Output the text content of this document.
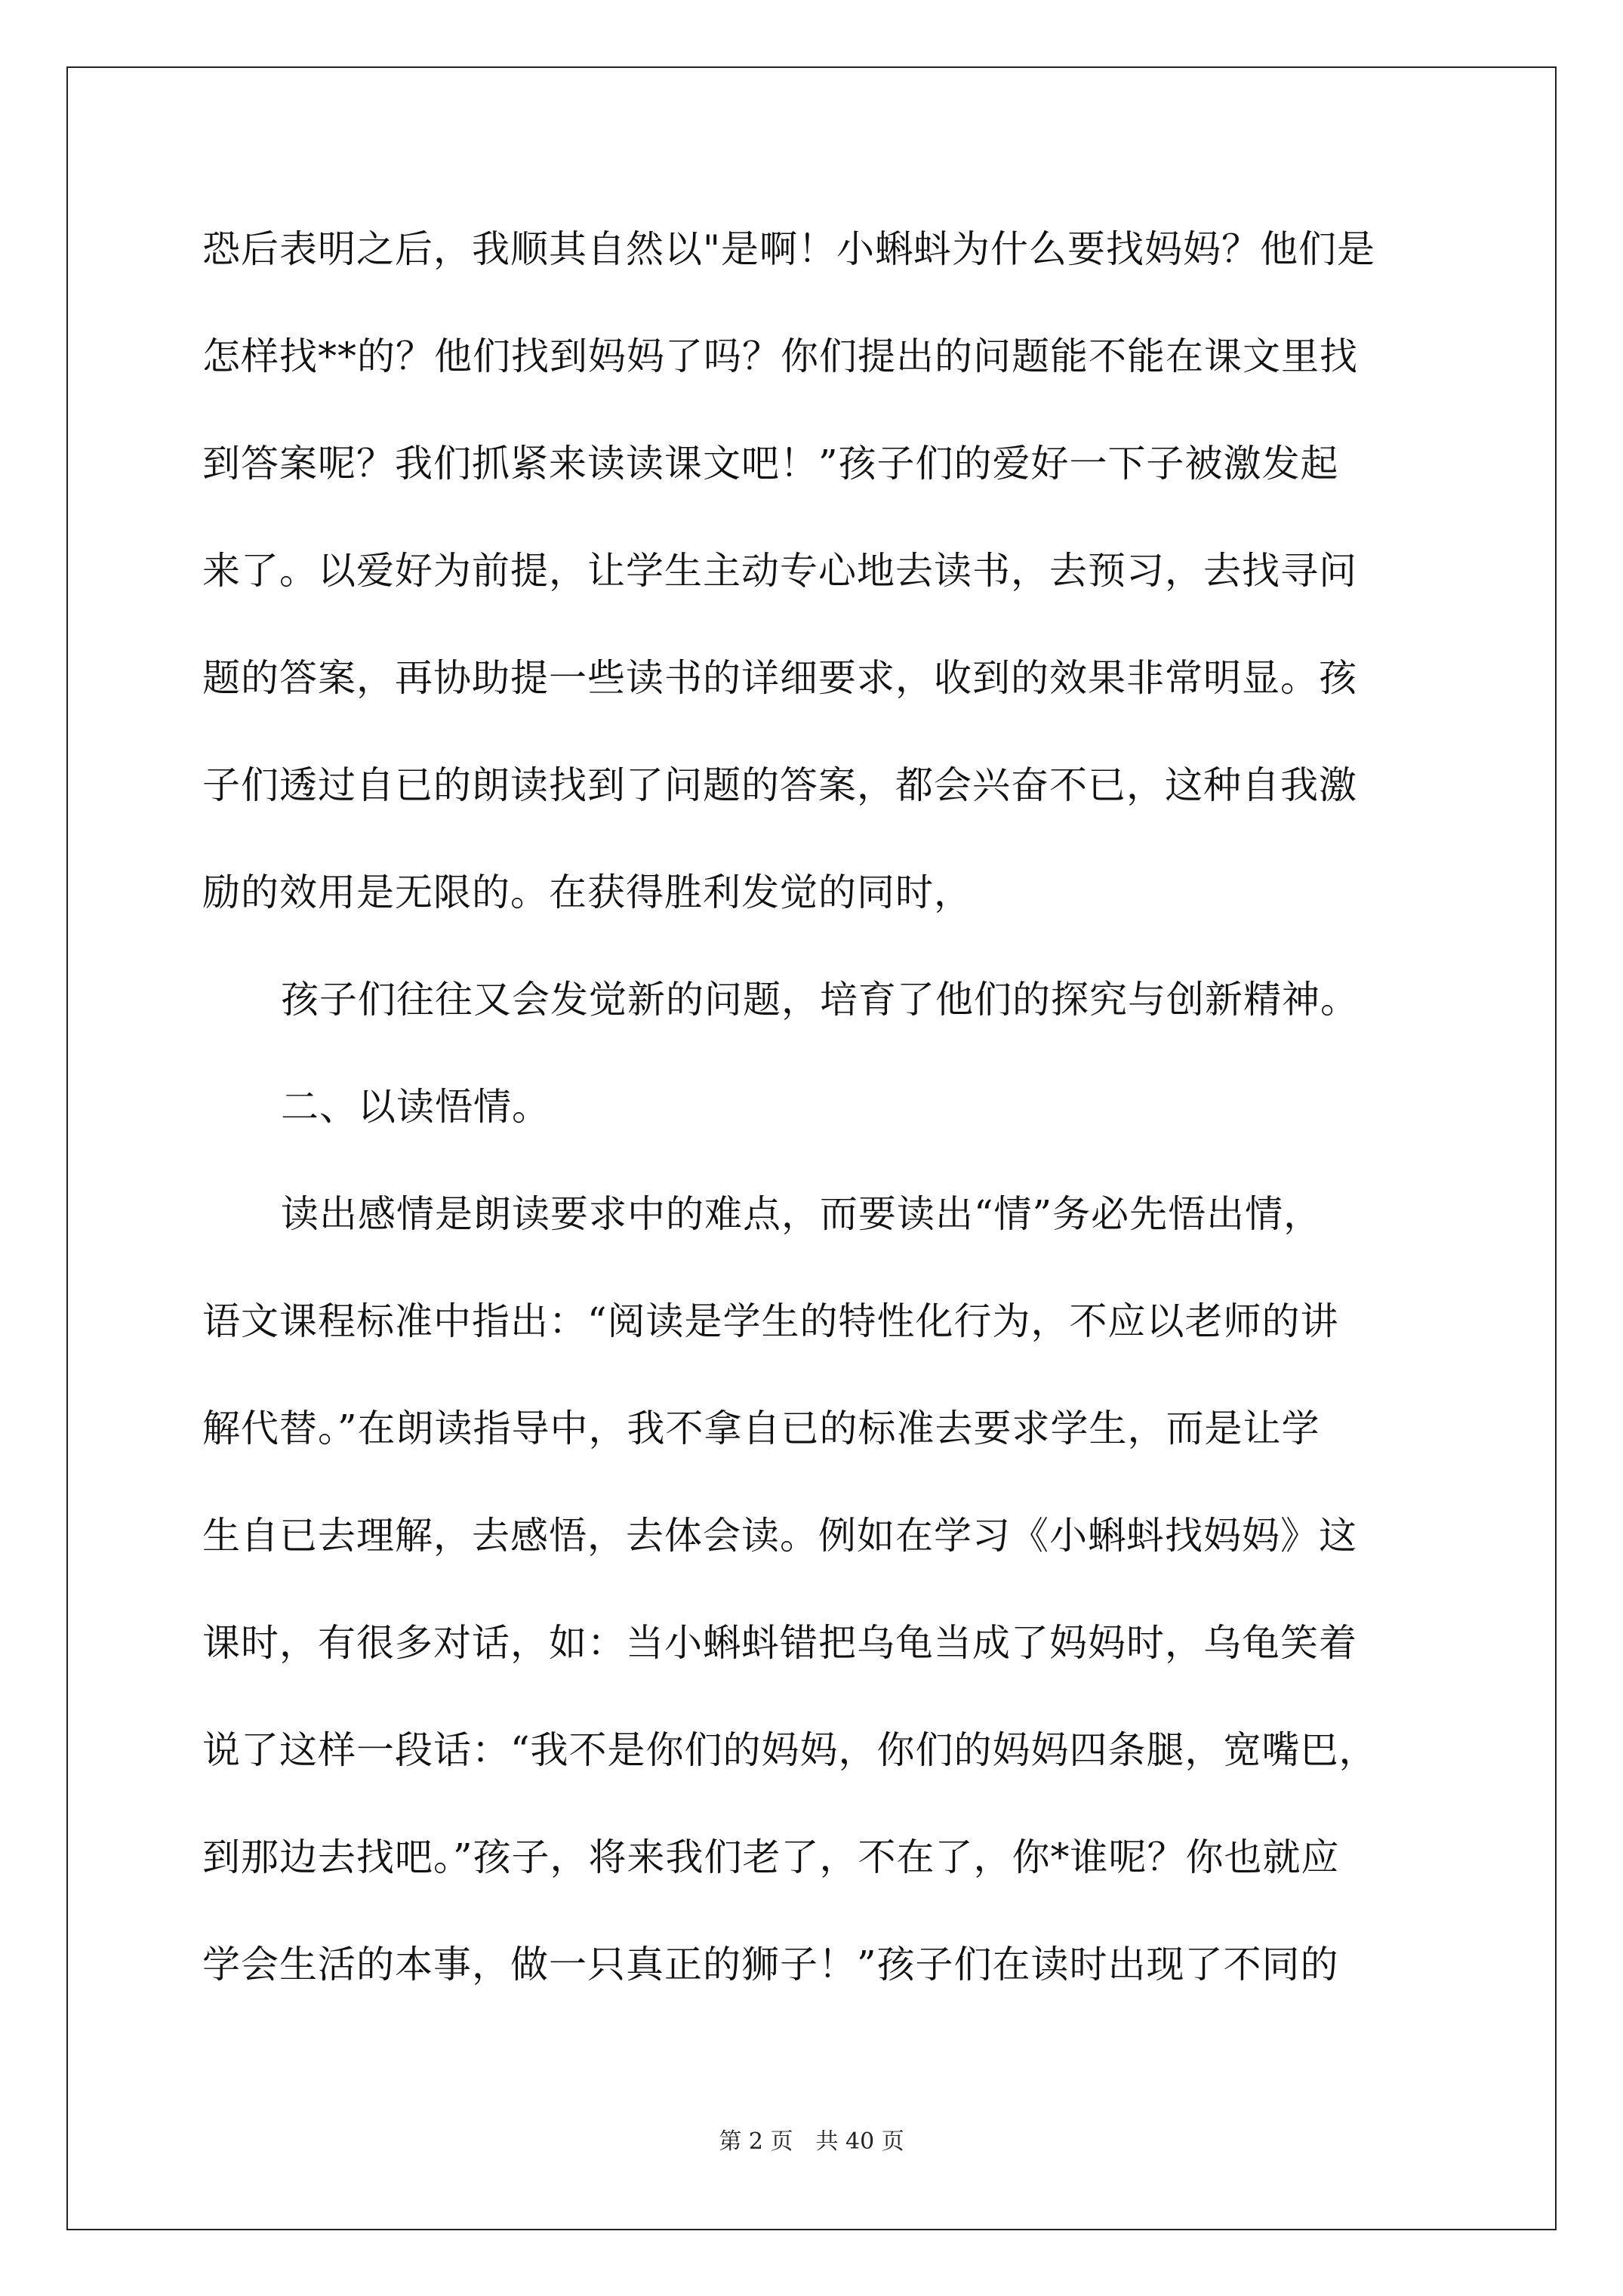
恐后表明之后，我顺其自然以"是啊！小蝌蚪为什么要找妈妈？他们是

怎样找**的？他们找到妈妈了吗？你们提出的问题能不能在课文里找

到答案呢？我们抓紧来读读课文吧！”孩子们的爱好一下子被激发起

来了。以爱好为前提，让学生主动专心地去读书，去预习，去找寻问

题的答案，再协助提一些读书的详细要求，收到的效果非常明显。孩

子们透过自已的朗读找到了问题的答案，都会兴奋不已，这种自我激

励的效用是无限的。在获得胜利发觉的同时，

孩子们往往又会发觉新的问题，培育了他们的探究与创新精神。

二、以读悟情。

读出感情是朗读要求中的难点，而要读出“情”务必先悟出情，

语文课程标准中指出：“阅读是学生的特性化行为，不应以老师的讲

解代替。”在朗读指导中，我不拿自已的标准去要求学生，而是让学

生自已去理解，去感悟，去体会读。例如在学习《小蝌蚪找妈妈》这

课时，有很多对话，如：当小蝌蚪错把乌龟当成了妈妈时，乌龟笑着

说了这样一段话：“我不是你们的妈妈，你们的妈妈四条腿，宽嘴巴，

到那边去找吧。”孩子，将来我们老了，不在了，你*谁呢？你也就应

学会生活的本事，做一只真正的狮子！”孩子们在读时出现了不同的

第 2 页　共 40 页
